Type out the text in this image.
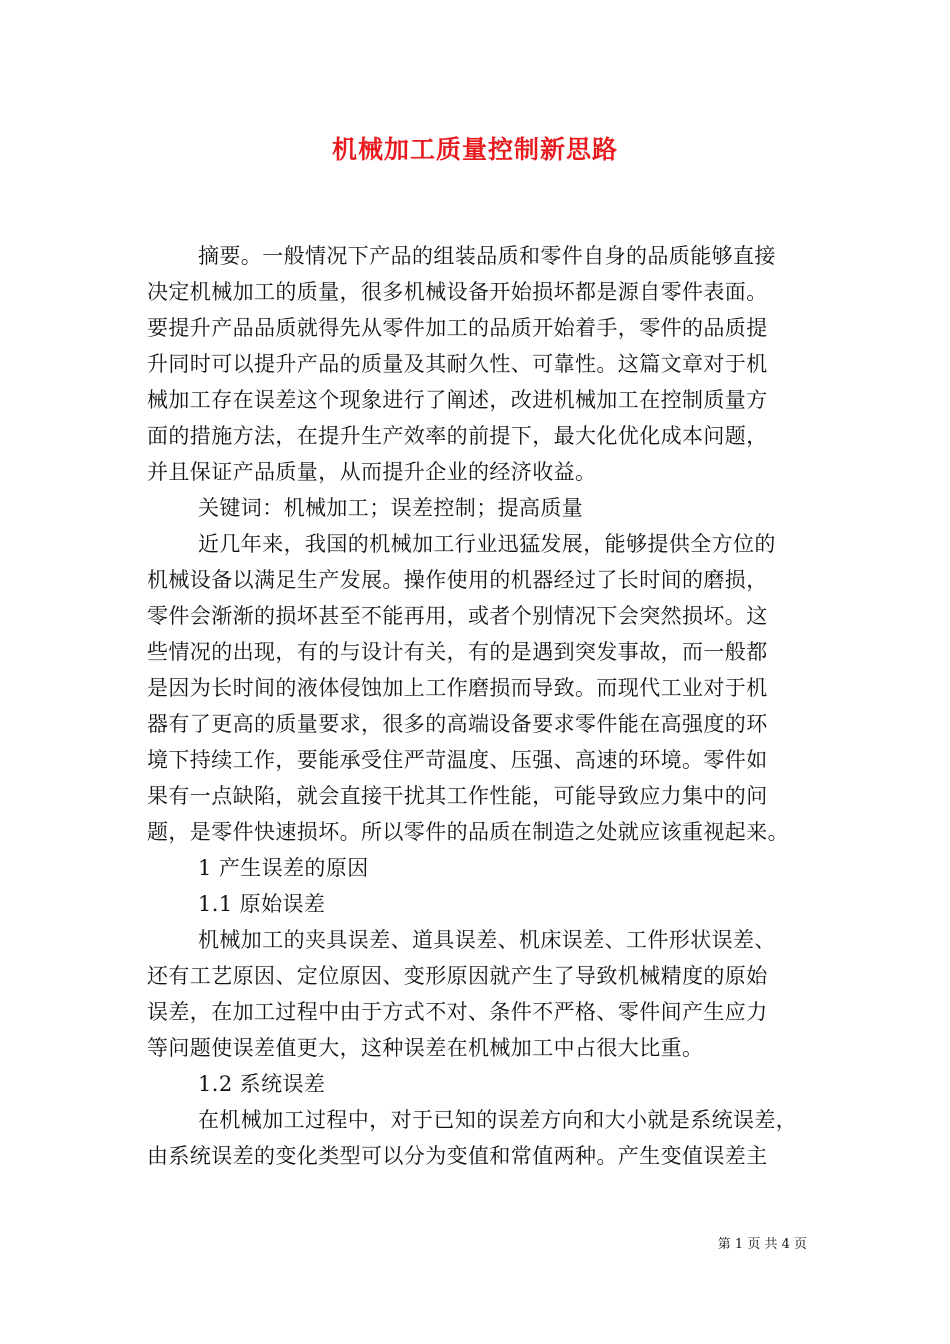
机械加工质量控制新思路
摘要。一般情况下产品的组装品质和零件自身的品质能够直接
决定机械加工的质量，很多机械设备开始损坏都是源自零件表面。
要提升产品品质就得先从零件加工的品质开始着手，零件的品质提
升同时可以提升产品的质量及其耐久性、可靠性。这篇文章对于机
械加工存在误差这个现象进行了阐述，改进机械加工在控制质量方
面的措施方法，在提升生产效率的前提下，最大化优化成本问题，
并且保证产品质量，从而提升企业的经济收益。
关键词：机械加工；误差控制；提高质量
近几年来，我国的机械加工行业迅猛发展，能够提供全方位的
机械设备以满足生产发展。操作使用的机器经过了长时间的磨损，
零件会渐渐的损坏甚至不能再用，或者个别情况下会突然损坏。这
些情况的出现，有的与设计有关，有的是遇到突发事故，而一般都
是因为长时间的液体侵蚀加上工作磨损而导致。而现代工业对于机
器有了更高的质量要求，很多的高端设备要求零件能在高强度的环
境下持续工作，要能承受住严苛温度、压强、高速的环境。零件如
果有一点缺陷，就会直接干扰其工作性能，可能导致应力集中的问
题，是零件快速损坏。所以零件的品质在制造之处就应该重视起来。
1 产生误差的原因
1.1 原始误差
机械加工的夹具误差、道具误差、机床误差、工件形状误差、
还有工艺原因、定位原因、变形原因就产生了导致机械精度的原始
误差，在加工过程中由于方式不对、条件不严格、零件间产生应力
等问题使误差值更大，这种误差在机械加工中占很大比重。
1.2 系统误差
在机械加工过程中，对于已知的误差方向和大小就是系统误差，
由系统误差的变化类型可以分为变值和常值两种。产生变值误差主
第 1 页 共 4 页
